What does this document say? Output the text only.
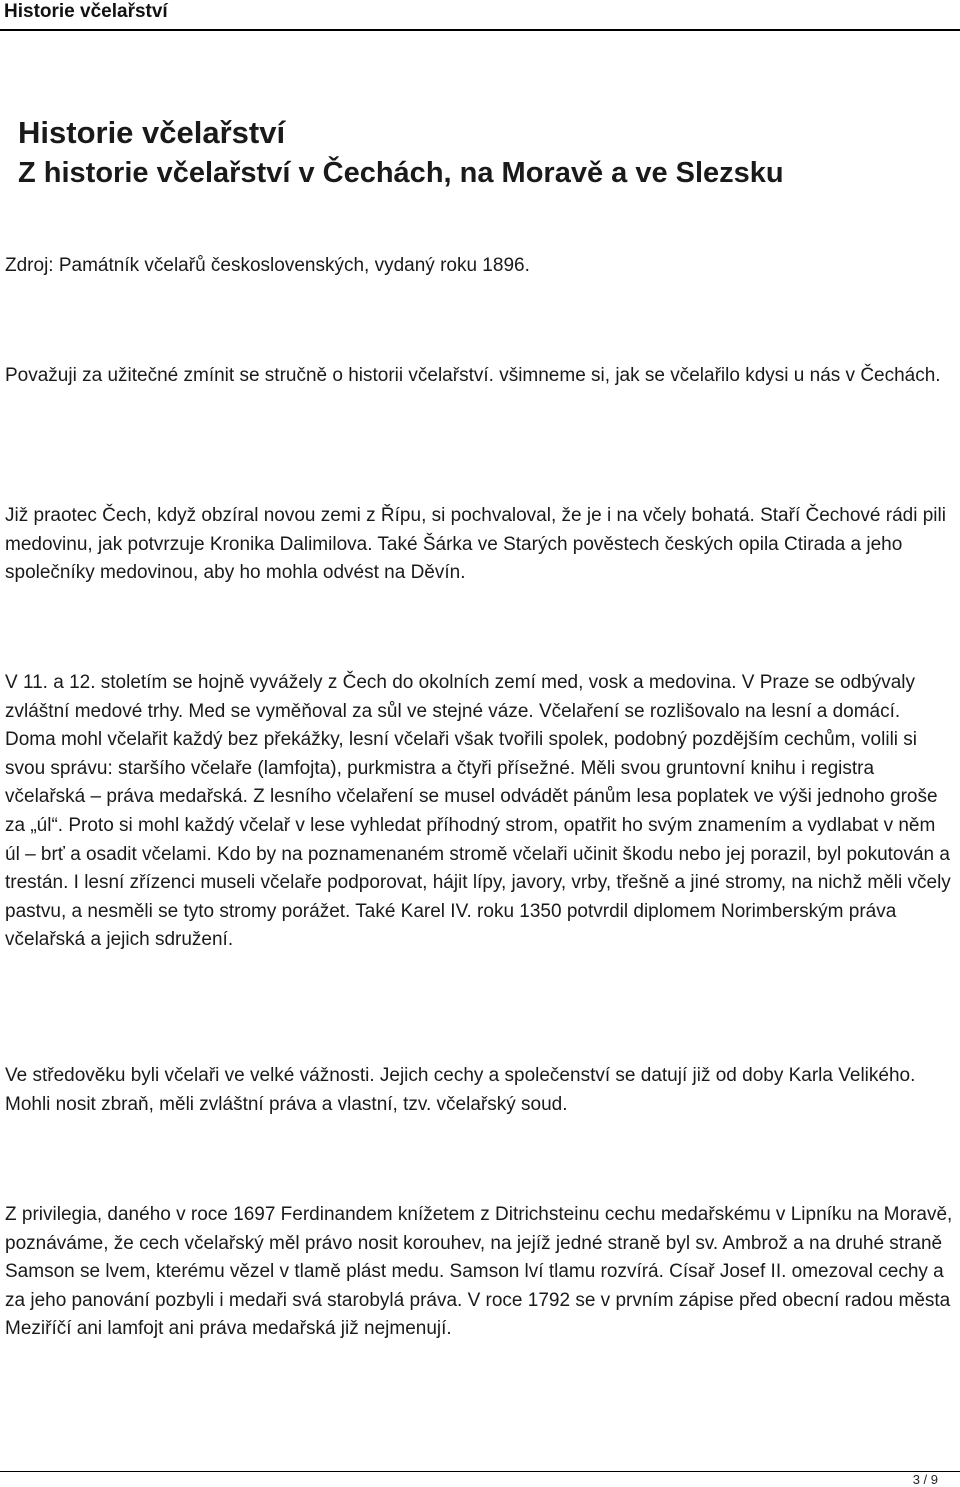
Historie včelařství
Historie včelařství
Z historie včelařství v Čechách, na Moravě a ve Slezsku

Zdroj: Památník včelařů československých, vydaný roku 1896.

Považuji za užitečné zmínit se stručně o historii včelařství. všimneme si, jak se včelařilo kdysi u nás v Čechách.

Již praotec Čech, když obzíral novou zemi z Řípu, si pochvaloval, že je i na včely bohatá. Staří Čechové rádi pili medovinu, jak potvrzuje Kronika Dalimilova. Také Šárka ve Starých pověstech českých opila Ctirada a jeho společníky medovinou, aby ho mohla odvést na Děvín.

V 11. a 12. stoletím se hojně vyvážely z Čech do okolních zemí med, vosk a medovina. V Praze se odbývaly zvláštní medové trhy. Med se vyměňoval za sůl ve stejné váze. Včelaření se rozlišovalo na lesní a domácí. Doma mohl včelařit každý bez překážky, lesní včelaři však tvořili spolek, podobný pozdějším cechům, volili si svou správu: staršího včelaře (lamfojta), purkmistra a čtyři přísežné. Měli svou gruntovní knihu i registra včelařská – práva medařská. Z lesního včelaření se musel odvádět pánům lesa poplatek ve výši jednoho groše za „úl“. Proto si mohl každý včelař v lese vyhledat příhodný strom, opatřit ho svým znamením a vydlabat v něm úl – brť a osadit včelami. Kdo by na poznamenaném stromě včelaři učinit škodu nebo jej porazil, byl pokutován a trestán. I lesní zřízenci museli včelaře podporovat, hájit lípy, javory, vrby, třešně a jiné stromy, na nichž měli včely pastvu, a nesměli se tyto stromy porážet. Také Karel IV. roku 1350 potvrdil diplomem Norimberským práva včelařská a jejich sdružení.

Ve středověku byli včelaři ve velké vážnosti. Jejich cechy a společenství se datují již od doby Karla Velikého. Mohli nosit zbraň, měli zvláštní práva a vlastní, tzv. včelařský soud.

Z privilegia, daného v roce 1697 Ferdinandem knížetem z Ditrichsteinu cechu medařskému v Lipníku na Moravě, poznáváme, že cech včelařský měl právo nosit korouhev, na jejíž jedné straně byl sv. Ambrož a na druhé straně Samson se lvem, kterému vězel v tlamě plást medu. Samson lví tlamu rozvírá. Císař Josef II. omezoval cechy a za jeho panování pozbyli i medaři svá starobylá práva. V roce 1792 se v prvním zápise před obecní radou města Meziříčí ani lamfojt ani práva medařská již nejmenují.

3 / 9
